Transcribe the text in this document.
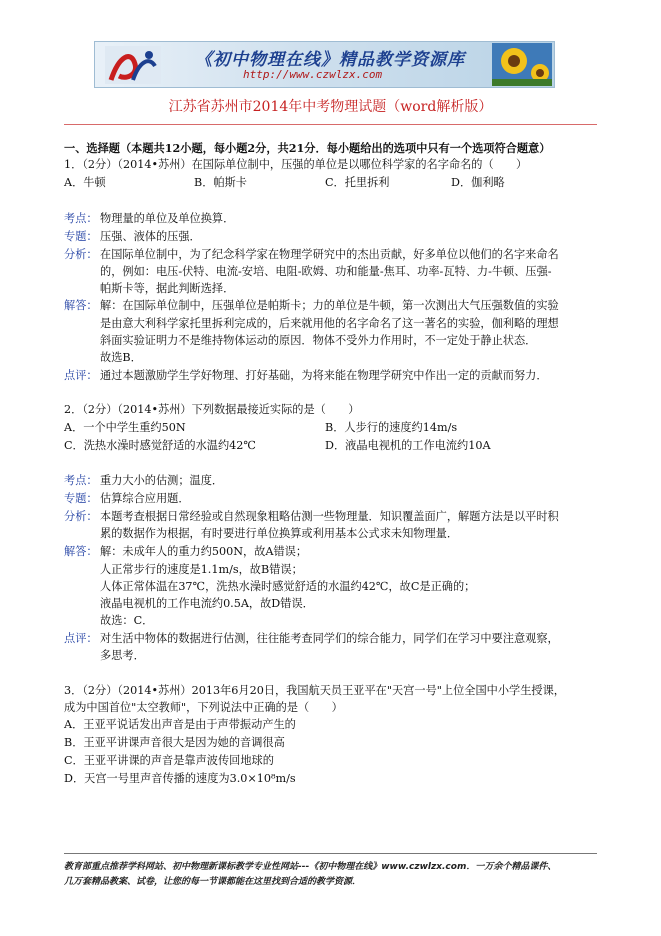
《初中物理在线》精品教学资源库
http://www.czwlzx.com
江苏省苏州市2014年中考物理试题（word解析版）
一、选择题（本题共12小题，每小题2分，共21分．每小题给出的选项中只有一个选项符合题意）
1．（2分）（2014•苏州）在国际单位制中，压强的单位是以哪位科学家的名字命名的（　　）
A．牛顿	B．帕斯卡	C．托里拆利	D．伽利略
考点： 物理量的单位及单位换算．
专题： 压强、液体的压强．
分析： 在国际单位制中，为了纪念科学家在物理学研究中的杰出贡献，好多单位以他们的名字来命名
的，例如：电压-伏特、电流-安培、电阻-欧姆、功和能量-焦耳、功率-瓦特、力-牛顿、压强-
帕斯卡等，据此判断选择．
解答： 解：在国际单位制中，压强单位是帕斯卡；力的单位是牛顿，第一次测出大气压强数值的实验
是由意大利科学家托里拆利完成的，后来就用他的名字命名了这一著名的实验，伽利略的理想
斜面实验证明力不是维持物体运动的原因．物体不受外力作用时，不一定处于静止状态．
故选B．
点评： 通过本题激励学生学好物理、打好基础，为将来能在物理学研究中作出一定的贡献而努力．
2．（2分）（2014•苏州）下列数据最接近实际的是（　　）
A．一个中学生重约50N	B．人步行的速度约14m/s
C．洗热水澡时感觉舒适的水温约42℃	D．液晶电视机的工作电流约10A
考点： 重力大小的估测；温度．
专题： 估算综合应用题．
分析： 本题考查根据日常经验或自然现象粗略估测一些物理量．知识覆盖面广，解题方法是以平时积
累的数据作为根据，有时要进行单位换算或利用基本公式求未知物理量．
解答： 解：未成年人的重力约500N，故A错误；
人正常步行的速度是1.1m/s，故B错误；
人体正常体温在37℃，洗热水澡时感觉舒适的水温约42℃，故C是正确的；
液晶电视机的工作电流约0.5A，故D错误．
故选：C．
点评： 对生活中物体的数据进行估测，往往能考查同学们的综合能力，同学们在学习中要注意观察，
多思考．
3．（2分）（2014•苏州）2013年6月20日，我国航天员王亚平在"天宫一号"上位全国中小学生授课，
成为中国首位"太空教师"，下列说法中正确的是（　　）
A．王亚平说话发出声音是由于声带振动产生的
B．王亚平讲课声音很大是因为她的音调很高
C．王亚平讲课的声音是靠声波传回地球的
D．天宫一号里声音传播的速度为3.0×10⁸m/s
教育部重点推荐学科网站、初中物理新课标教学专业性网站---《初中物理在线》www.czwlzx.com．一万余个精品课件、
几万套精品教案、试卷，让您的每一节课都能在这里找到合适的教学资源．
